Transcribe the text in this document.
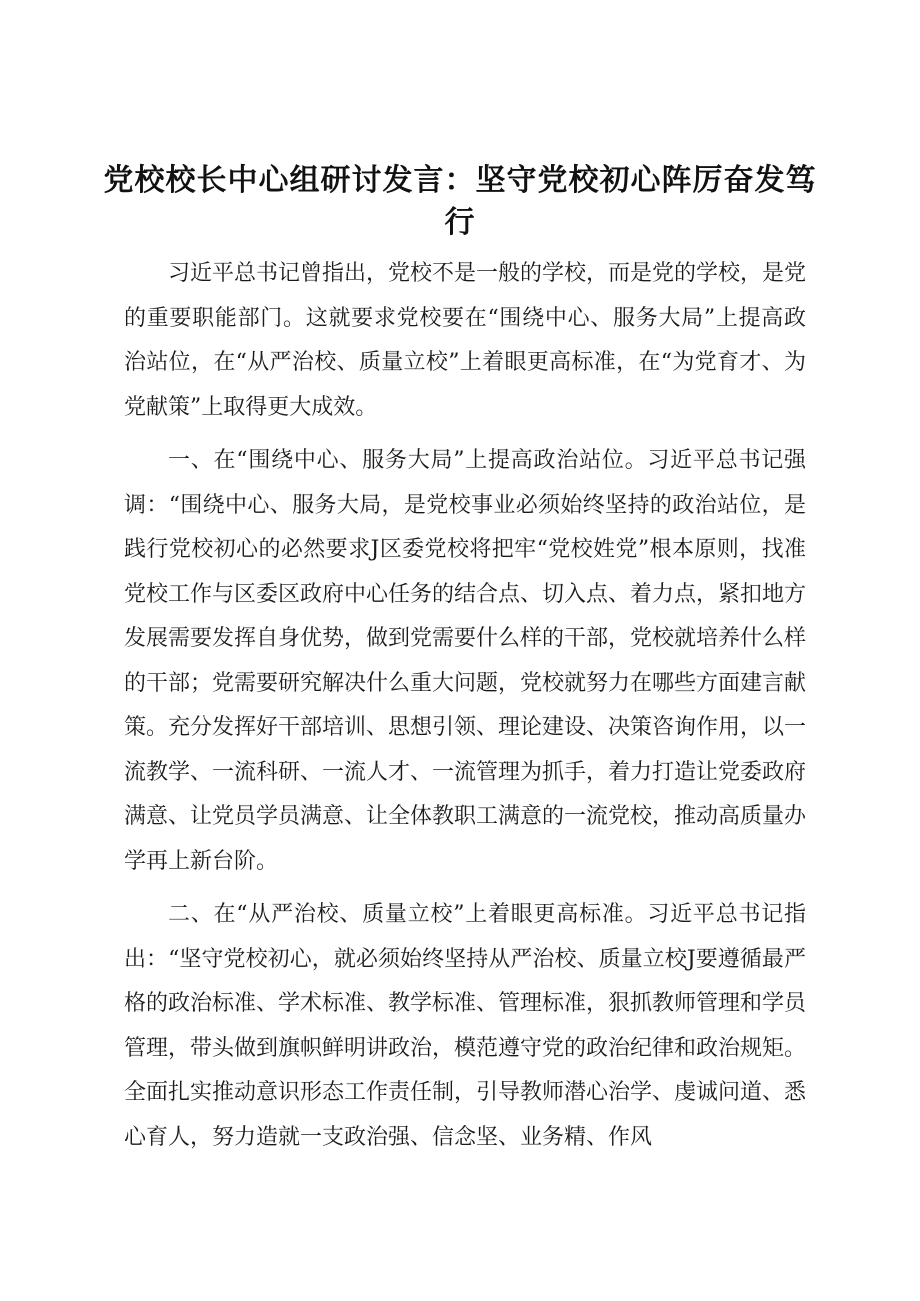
党校校长中心组研讨发言：坚守党校初心阵厉奋发笃行

习近平总书记曾指出，党校不是一般的学校，而是党的学校，是党的重要职能部门。这就要求党校要在“围绕中心、服务大局”上提高政治站位，在“从严治校、质量立校”上着眼更高标准，在“为党育才、为党献策”上取得更大成效。

一、在“围绕中心、服务大局”上提高政治站位。习近平总书记强调：“围绕中心、服务大局，是党校事业必须始终坚持的政治站位，是践行党校初心的必然要求J区委党校将把牢“党校姓党”根本原则，找准党校工作与区委区政府中心任务的结合点、切入点、着力点，紧扣地方发展需要发挥自身优势，做到党需要什么样的干部，党校就培养什么样的干部；党需要研究解决什么重大问题，党校就努力在哪些方面建言献策。充分发挥好干部培训、思想引领、理论建设、决策咨询作用，以一流教学、一流科研、一流人才、一流管理为抓手，着力打造让党委政府满意、让党员学员满意、让全体教职工满意的一流党校，推动高质量办学再上新台阶。

二、在“从严治校、质量立校”上着眼更高标准。习近平总书记指出：“坚守党校初心，就必须始终坚持从严治校、质量立校J要遵循最严格的政治标准、学术标准、教学标准、管理标准，狠抓教师管理和学员管理，带头做到旗帜鲜明讲政治，模范遵守党的政治纪律和政治规矩。全面扎实推动意识形态工作责任制，引导教师潜心治学、虔诚问道、悉心育人，努力造就一支政治强、信念坚、业务精、作风
